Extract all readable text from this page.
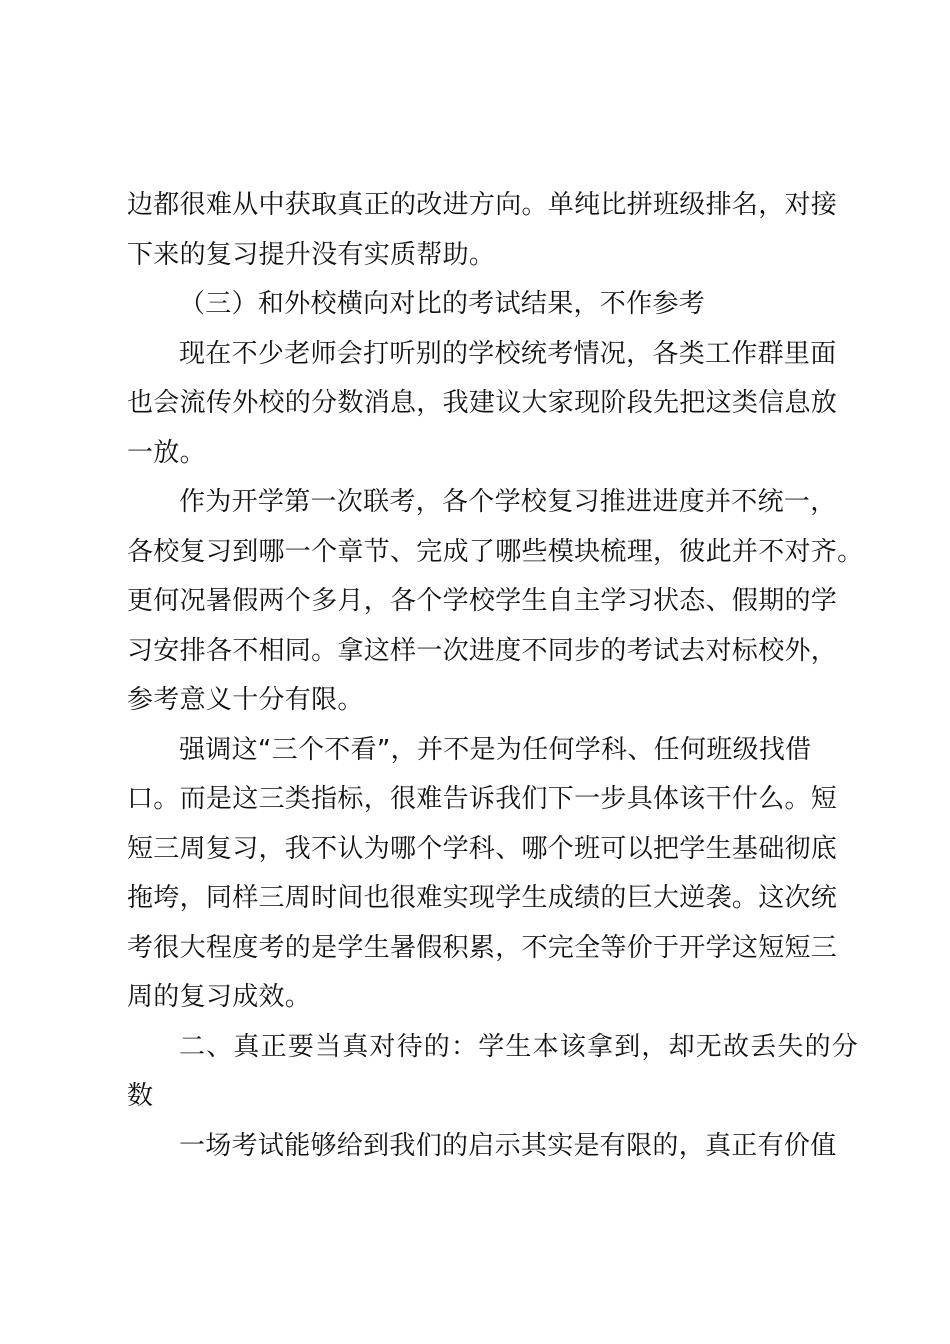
边都很难从中获取真正的改进方向。单纯比拼班级排名，对接
下来的复习提升没有实质帮助。
（三）和外校横向对比的考试结果，不作参考
现在不少老师会打听别的学校统考情况，各类工作群里面
也会流传外校的分数消息，我建议大家现阶段先把这类信息放
一放。
作为开学第一次联考，各个学校复习推进进度并不统一，
各校复习到哪一个章节、完成了哪些模块梳理，彼此并不对齐。
更何况暑假两个多月，各个学校学生自主学习状态、假期的学
习安排各不相同。拿这样一次进度不同步的考试去对标校外，
参考意义十分有限。
强调这“三个不看”，并不是为任何学科、任何班级找借
口。而是这三类指标，很难告诉我们下一步具体该干什么。短
短三周复习，我不认为哪个学科、哪个班可以把学生基础彻底
拖垮，同样三周时间也很难实现学生成绩的巨大逆袭。这次统
考很大程度考的是学生暑假积累，不完全等价于开学这短短三
周的复习成效。
二、真正要当真对待的：学生本该拿到，却无故丢失的分
数
一场考试能够给到我们的启示其实是有限的，真正有价值
